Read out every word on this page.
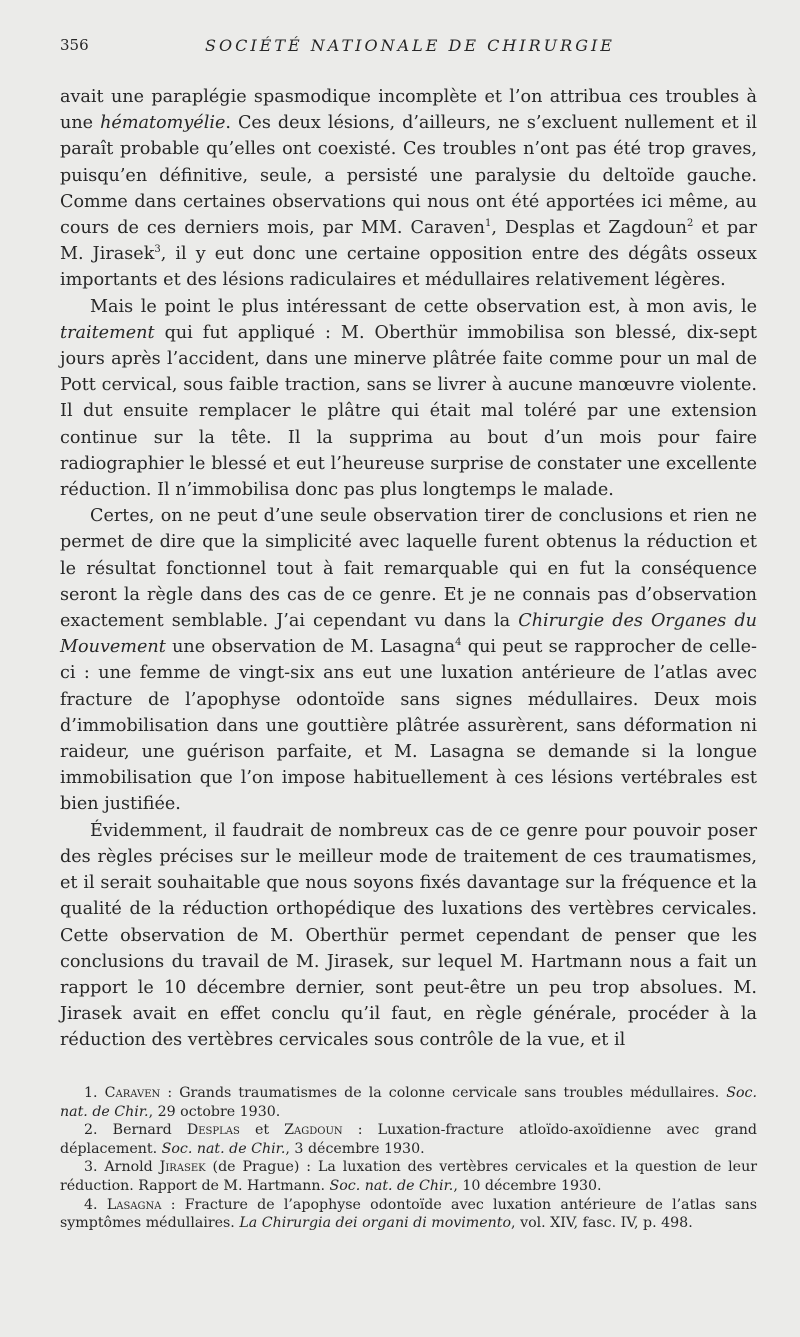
356	SOCIÉTÉ NATIONALE DE CHIRURGIE

avait une paraplégie spasmodique incomplète et l’on attribua ces troubles à une hématomyélie. Ces deux lésions, d’ailleurs, ne s’excluent nullement et il paraît probable qu’elles ont coexisté. Ces troubles n’ont pas été trop graves, puisqu’en définitive, seule, a persisté une paralysie du deltoïde gauche. Comme dans certaines observations qui nous ont été apportées ici même, au cours de ces derniers mois, par MM. Caraven$^1$, Desplas et Zagdoun$^2$ et par M. Jirasek$^3$, il y eut donc une certaine opposition entre des dégâts osseux importants et des lésions radiculaires et médullaires relativement légères.

Mais le point le plus intéressant de cette observation est, à mon avis, le traitement qui fut appliqué : M. Oberthür immobilisa son blessé, dix-sept jours après l’accident, dans une minerve plâtrée faite comme pour un mal de Pott cervical, sous faible traction, sans se livrer à aucune manœuvre violente. Il dut ensuite remplacer le plâtre qui était mal toléré par une extension continue sur la tête. Il la supprima au bout d’un mois pour faire radiographier le blessé et eut l’heureuse surprise de constater une excellente réduction. Il n’immobilisa donc pas plus longtemps le malade.

Certes, on ne peut d’une seule observation tirer de conclusions et rien ne permet de dire que la simplicité avec laquelle furent obtenus la réduction et le résultat fonctionnel tout à fait remarquable qui en fut la conséquence seront la règle dans des cas de ce genre. Et je ne connais pas d’observation exactement semblable. J’ai cependant vu dans la Chirurgie des Organes du Mouvement une observation de M. Lasagna$^4$ qui peut se rapprocher de celle-ci : une femme de vingt-six ans eut une luxation antérieure de l’atlas avec fracture de l’apophyse odontoïde sans signes médullaires. Deux mois d’immobilisation dans une gouttière plâtrée assurèrent, sans déformation ni raideur, une guérison parfaite, et M. Lasagna se demande si la longue immobilisation que l’on impose habituellement à ces lésions vertébrales est bien justifiée.

Évidemment, il faudrait de nombreux cas de ce genre pour pouvoir poser des règles précises sur le meilleur mode de traitement de ces traumatismes, et il serait souhaitable que nous soyons fixés davantage sur la fréquence et la qualité de la réduction orthopédique des luxations des vertèbres cervicales. Cette observation de M. Oberthür permet cependant de penser que les conclusions du travail de M. Jirasek, sur lequel M. Hartmann nous a fait un rapport le 10 décembre dernier, sont peut-être un peu trop absolues. M. Jirasek avait en effet conclu qu’il faut, en règle générale, procéder à la réduction des vertèbres cervicales sous contrôle de la vue, et il

1. Caraven : Grands traumatismes de la colonne cervicale sans troubles médullaires. Soc. nat. de Chir., 29 octobre 1930.

2. Bernard Desplas et Zagdoun : Luxation-fracture atloïdo-axoïdienne avec grand déplacement. Soc. nat. de Chir., 3 décembre 1930.

3. Arnold Jirasek (de Prague) : La luxation des vertèbres cervicales et la question de leur réduction. Rapport de M. Hartmann. Soc. nat. de Chir., 10 décembre 1930.

4. Lasagna : Fracture de l’apophyse odontoïde avec luxation antérieure de l’atlas sans symptômes médullaires. La Chirurgia dei organi di movimento, vol. XIV, fasc. IV, p. 498.
